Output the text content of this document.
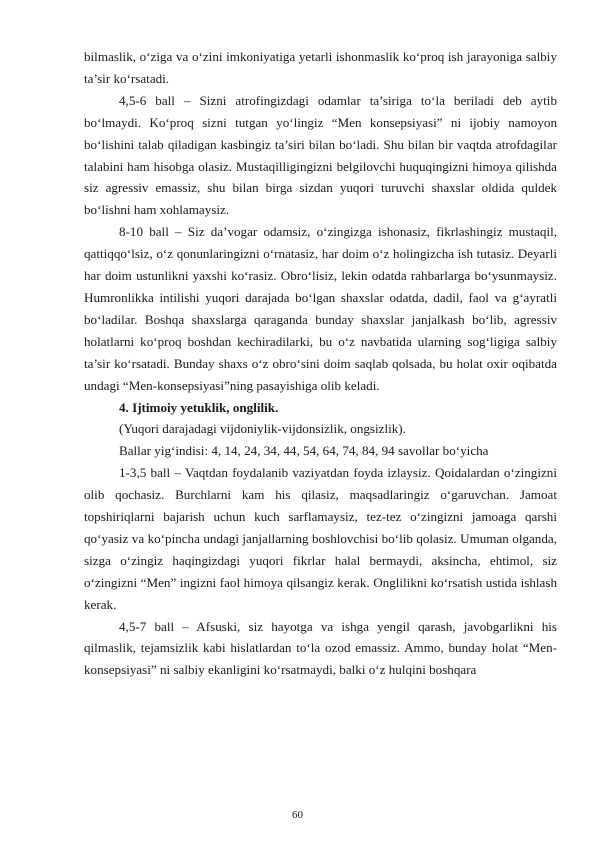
bilmaslik, o‘ziga va o‘zini imkoniyatiga yetarli ishonmaslik ko‘proq ish jarayoniga salbiy ta’sir ko‘rsatadi.

4,5-6 ball – Sizni atrofingizdagi odamlar ta’siriga to‘la beriladi deb aytib bo‘lmaydi. Ko‘proq sizni tutgan yo‘lingiz “Men konsepsiyasi” ni ijobiy namoyon bo‘lishini talab qiladigan kasbingiz ta’siri bilan bo‘ladi. Shu bilan bir vaqtda atrofdagilar talabini ham hisobga olasiz. Mustaqilligingizni belgilovchi huquqingizni himoya qilishda siz agressiv emassiz, shu bilan birga sizdan yuqori turuvchi shaxslar oldida quldek bo‘lishni ham xohlamaysiz.

8-10 ball – Siz da’vogar odamsiz, o‘zingizga ishonasiz, fikrlashingiz mustaqil, qattiqqo‘lsiz, o‘z qonunlaringizni o‘rnatasiz, har doim o‘z holingizcha ish tutasiz. Deyarli har doim ustunlikni yaxshi ko‘rasiz. Obro‘lisiz, lekin odatda rahbarlarga bo‘ysunmaysiz. Humronlikka intilishi yuqori darajada bo‘lgan shaxslar odatda, dadil, faol va g‘ayratli bo‘ladilar. Boshqa shaxslarga qaraganda bunday shaxslar janjalkash bo‘lib, agressiv holatlarni ko‘proq boshdan kechiradilarki, bu o‘z navbatida ularning sog‘ligiga salbiy ta’sir ko‘rsatadi. Bunday shaxs o‘z obro‘sini doim saqlab qolsada, bu holat oxir oqibatda undagi “Men-konsepsiyasi”ning pasayishiga olib keladi.

4. Ijtimoiy yetuklik, onglilik.

(Yuqori darajadagi vijdoniylik-vijdonsizlik, ongsizlik).

Ballar yig‘indisi: 4, 14, 24, 34, 44, 54, 64, 74, 84, 94 savollar bo‘yicha

1-3,5 ball – Vaqtdan foydalanib vaziyatdan foyda izlaysiz. Qoidalardan o‘zingizni olib qochasiz. Burchlarni kam his qilasiz, maqsadlaringiz o‘garuvchan. Jamoat topshiriqlarni bajarish uchun kuch sarflamaysiz, tez-tez o‘zingizni jamoaga qarshi qo‘yasiz va ko‘pincha undagi janjallarning boshlovchisi bo‘lib qolasiz. Umuman olganda, sizga o‘zingiz haqingizdagi yuqori fikrlar halal bermaydi, aksincha, ehtimol, siz o‘zingizni “Men” ingizni faol himoya qilsangiz kerak. Onglilikni ko‘rsatish ustida ishlash kerak.

4,5-7 ball – Afsuski, siz hayotga va ishga yengil qarash, javobgarlikni his qilmaslik, tejamsizlik kabi hislatlardan to‘la ozod emassiz. Ammo, bunday holat “Men-konsepsiyasi” ni salbiy ekanligini ko‘rsatmaydi, balki o‘z hulqini boshqara

60
